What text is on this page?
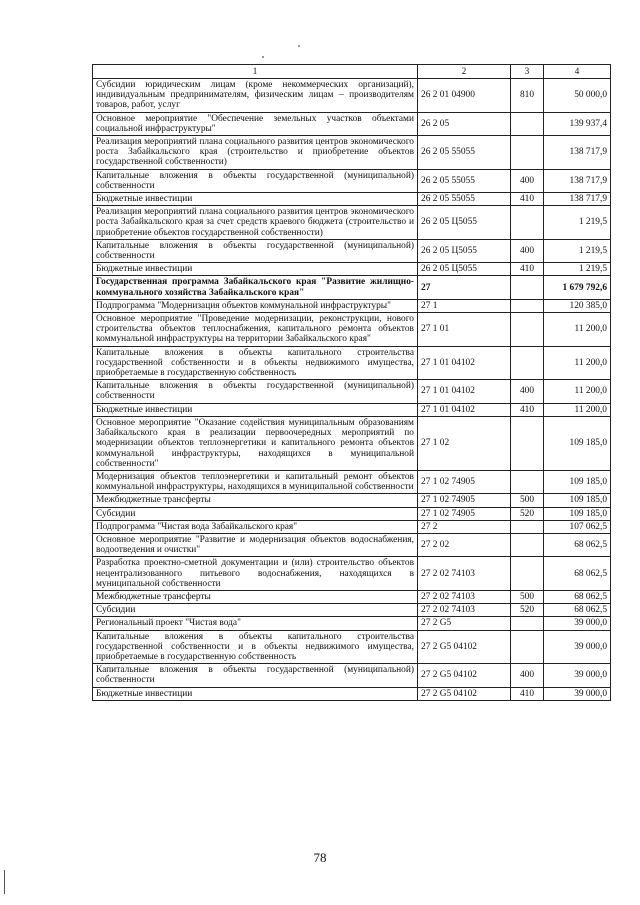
1	2	3	4
Субсидии юридическим лицам (кроме некоммерческих организаций), индивидуальным предпринимателям, физическим лицам – производителям товаров, работ, услуг	26 2 01 04900	810	50 000,0
Основное мероприятие "Обеспечение земельных участков объектами социальной инфраструктуры"	26 2 05		139 937,4
Реализация мероприятий плана социального развития центров экономического роста Забайкальского края (строительство и приобретение объектов государственной собственности)	26 2 05 55055		138 717,9
Капитальные вложения в объекты государственной (муниципальной) собственности	26 2 05 55055	400	138 717,9
Бюджетные инвестиции	26 2 05 55055	410	138 717,9
Реализация мероприятий плана социального развития центров экономического роста Забайкальского края за счет средств краевого бюджета (строительство и приобретение объектов государственной собственности)	26 2 05 Ц5055		1 219,5
Капитальные вложения в объекты государственной (муниципальной) собственности	26 2 05 Ц5055	400	1 219,5
Бюджетные инвестиции	26 2 05 Ц5055	410	1 219,5
Государственная программа Забайкальского края "Развитие жилищно-коммунального хозяйства Забайкальского края"	27		1 679 792,6
Подпрограмма "Модернизация объектов коммунальной инфраструктуры"	27 1		120 385,0
Основное мероприятие "Проведение модернизации, реконструкции, нового строительства объектов теплоснабжения, капитального ремонта объектов коммунальной инфраструктуры на территории Забайкальского края"	27 1 01		11 200,0
Капитальные вложения в объекты капитального строительства государственной собственности и в объекты недвижимого имущества, приобретаемые в государственную собственность	27 1 01 04102		11 200,0
Капитальные вложения в объекты государственной (муниципальной) собственности	27 1 01 04102	400	11 200,0
Бюджетные инвестиции	27 1 01 04102	410	11 200,0
Основное мероприятие "Оказание содействия муниципальным образованиям Забайкальского края в реализации первоочередных мероприятий по модернизации объектов теплоэнергетики и капитального ремонта объектов коммунальной инфраструктуры, находящихся в муниципальной собственности"	27 1 02		109 185,0
Модернизация объектов теплоэнергетики и капитальный ремонт объектов коммунальной инфраструктуры, находящихся в муниципальной собственности	27 1 02 74905		109 185,0
Межбюджетные трансферты	27 1 02 74905	500	109 185,0
Субсидии	27 1 02 74905	520	109 185,0
Подпрограмма "Чистая вода Забайкальского края"	27 2		107 062,5
Основное мероприятие "Развитие и модернизация объектов водоснабжения, водоотведения и очистки"	27 2 02		68 062,5
Разработка проектно-сметной документации и (или) строительство объектов нецентрализованного питьевого водоснабжения, находящихся в муниципальной собственности	27 2 02 74103		68 062,5
Межбюджетные трансферты	27 2 02 74103	500	68 062,5
Субсидии	27 2 02 74103	520	68 062,5
Региональный проект "Чистая вода"	27 2 G5		39 000,0
Капитальные вложения в объекты капитального строительства государственной собственности и в объекты недвижимого имущества, приобретаемые в государственную собственность	27 2 G5 04102		39 000,0
Капитальные вложения в объекты государственной (муниципальной) собственности	27 2 G5 04102	400	39 000,0
Бюджетные инвестиции	27 2 G5 04102	410	39 000,0
78
